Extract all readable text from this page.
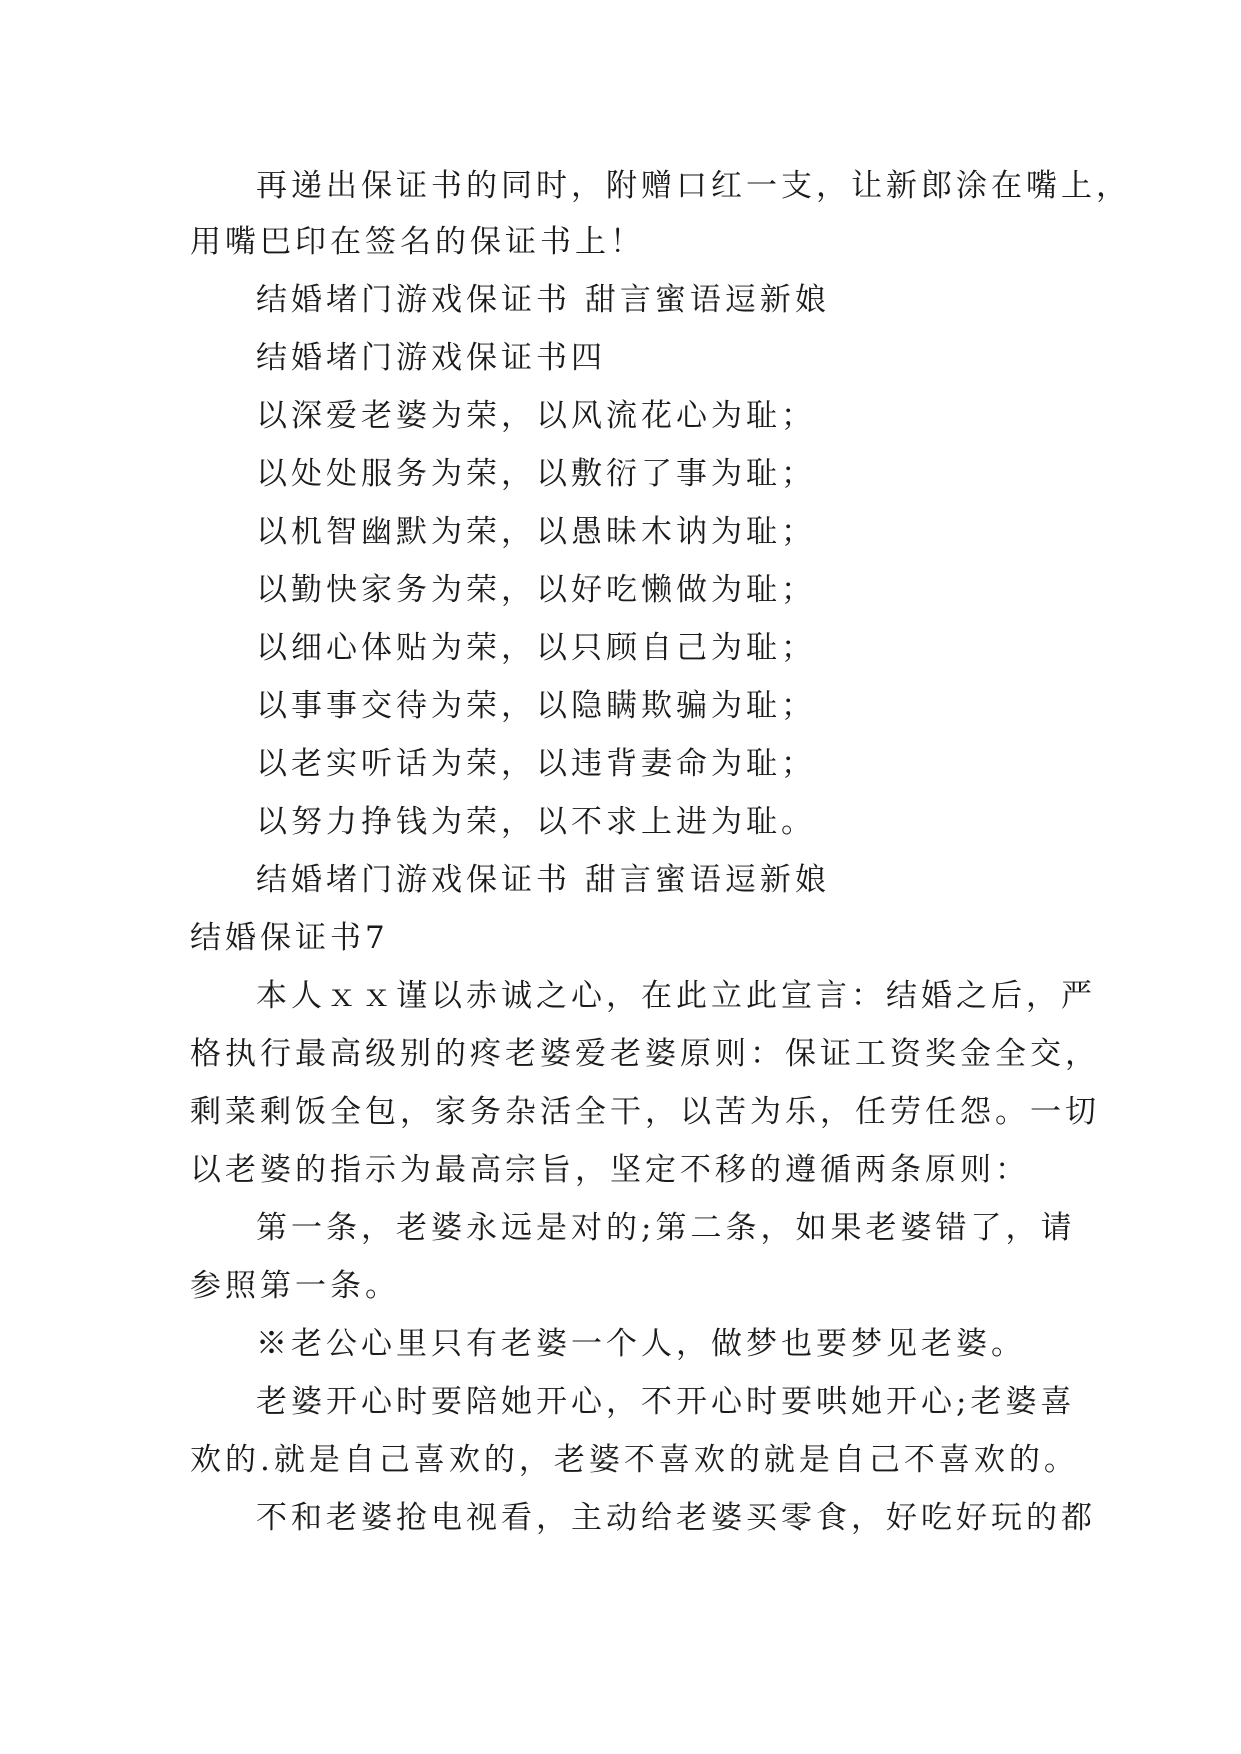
再递出保证书的同时，附赠口红一支，让新郎涂在嘴上，
用嘴巴印在签名的保证书上！
结婚堵门游戏保证书 甜言蜜语逗新娘
结婚堵门游戏保证书四
以深爱老婆为荣，以风流花心为耻；
以处处服务为荣，以敷衍了事为耻；
以机智幽默为荣，以愚昧木讷为耻；
以勤快家务为荣，以好吃懒做为耻；
以细心体贴为荣，以只顾自己为耻；
以事事交待为荣，以隐瞒欺骗为耻；
以老实听话为荣，以违背妻命为耻；
以努力挣钱为荣，以不求上进为耻。
结婚堵门游戏保证书 甜言蜜语逗新娘
结婚保证书7
本人ｘｘ谨以赤诚之心，在此立此宣言：结婚之后，严
格执行最高级别的疼老婆爱老婆原则：保证工资奖金全交，
剩菜剩饭全包，家务杂活全干，以苦为乐，任劳任怨。一切
以老婆的指示为最高宗旨，坚定不移的遵循两条原则：
第一条，老婆永远是对的;第二条，如果老婆错了，请
参照第一条。
※老公心里只有老婆一个人，做梦也要梦见老婆。
老婆开心时要陪她开心，不开心时要哄她开心;老婆喜
欢的.就是自己喜欢的，老婆不喜欢的就是自己不喜欢的。
不和老婆抢电视看，主动给老婆买零食，好吃好玩的都
